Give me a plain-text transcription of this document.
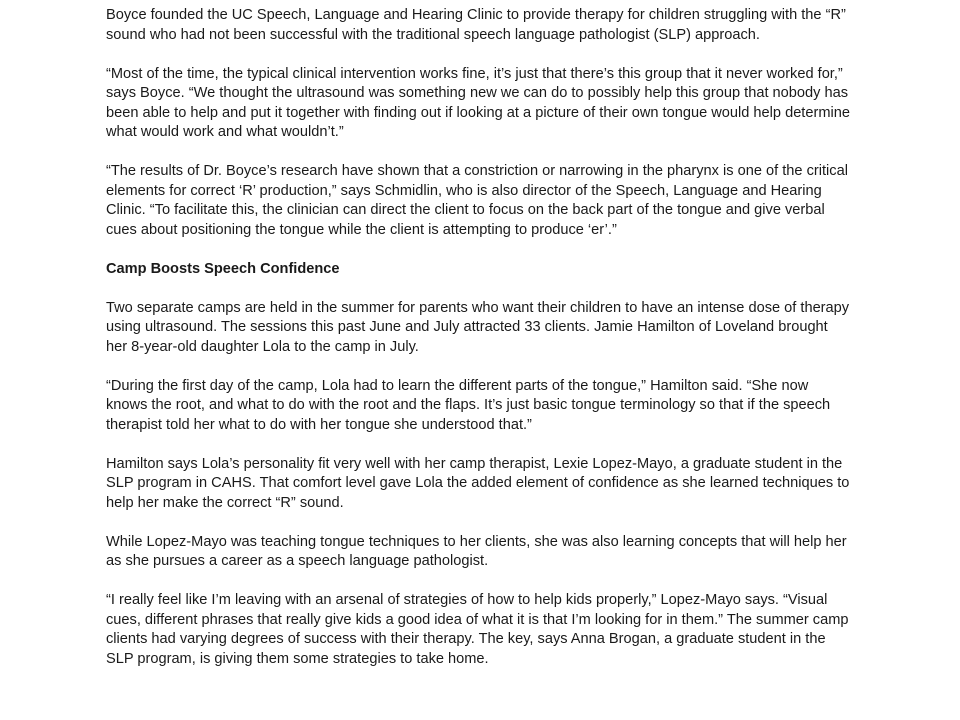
Boyce founded the UC Speech, Language and Hearing Clinic to provide therapy for children struggling with the “R” sound who had not been successful with the traditional speech language pathologist (SLP) approach.

“Most of the time, the typical clinical intervention works fine, it’s just that there’s this group that it never worked for,” says Boyce. “We thought the ultrasound was something new we can do to possibly help this group that nobody has been able to help and put it together with finding out if looking at a picture of their own tongue would help determine what would work and what wouldn’t.”

“The results of Dr. Boyce’s research have shown that a constriction or narrowing in the pharynx is one of the critical elements for correct ‘R’ production,” says Schmidlin, who is also director of the Speech, Language and Hearing Clinic. “To facilitate this, the clinician can direct the client to focus on the back part of the tongue and give verbal cues about positioning the tongue while the client is attempting to produce ‘er’.”

Camp Boosts Speech Confidence

Two separate camps are held in the summer for parents who want their children to have an intense dose of therapy using ultrasound. The sessions this past June and July attracted 33 clients. Jamie Hamilton of Loveland brought her 8-year-old daughter Lola to the camp in July.

“During the first day of the camp, Lola had to learn the different parts of the tongue,” Hamilton said. “She now knows the root, and what to do with the root and the flaps. It’s just basic tongue terminology so that if the speech therapist told her what to do with her tongue she understood that.”

Hamilton says Lola’s personality fit very well with her camp therapist, Lexie Lopez-Mayo, a graduate student in the SLP program in CAHS. That comfort level gave Lola the added element of confidence as she learned techniques to help her make the correct “R” sound.

While Lopez-Mayo was teaching tongue techniques to her clients, she was also learning concepts that will help her as she pursues a career as a speech language pathologist.

“I really feel like I’m leaving with an arsenal of strategies of how to help kids properly,” Lopez-Mayo says. “Visual cues, different phrases that really give kids a good idea of what it is that I’m looking for in them.” The summer camp clients had varying degrees of success with their therapy. The key, says Anna Brogan, a graduate student in the SLP program, is giving them some strategies to take home.
